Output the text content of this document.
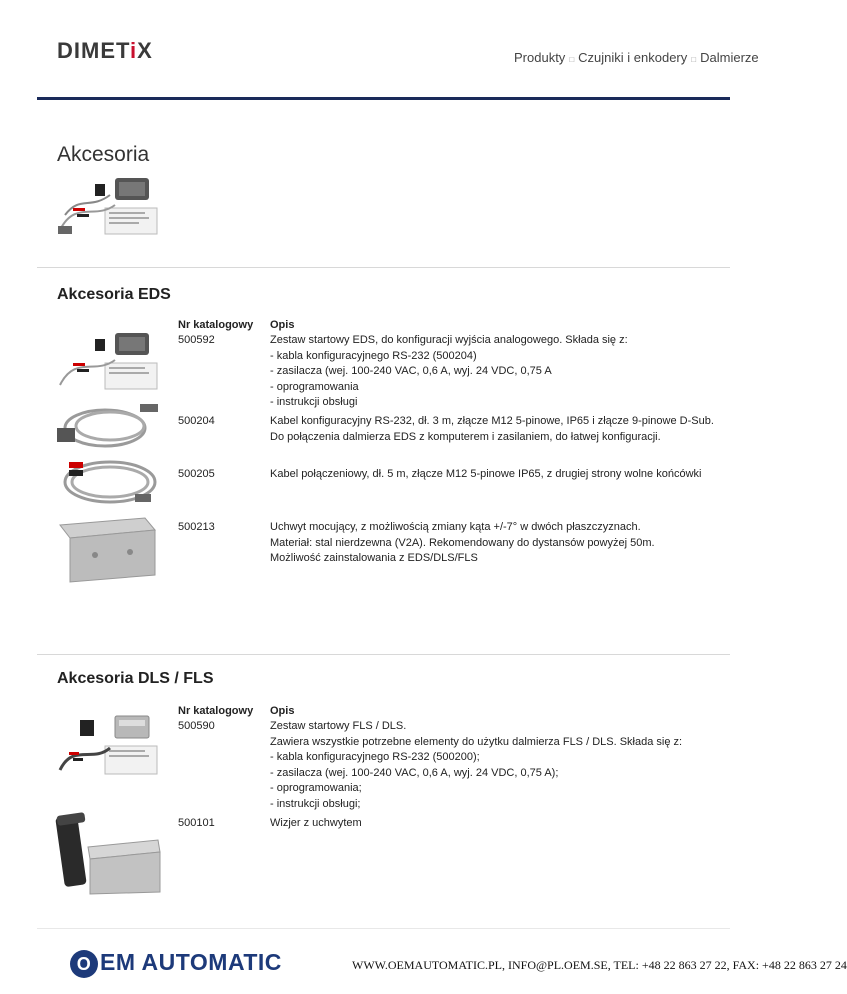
DIMETiX	Produkty □ Czujniki i enkodery □ Dalmierze
Akcesoria
Akcesoria EDS
Nr katalogowy Opis
500592	Zestaw startowy EDS, do konfiguracji wyjścia analogowego. Składa się z:
- kabla konfiguracyjnego RS-232 (500204)
- zasilacza (wej. 100-240 VAC, 0,6 A, wyj. 24 VDC, 0,75 A
- oprogramowania
- instrukcji obsługi
500204	Kabel konfiguracyjny RS-232, dł. 3 m, złącze M12 5-pinowe, IP65 i złącze 9-pinowe D-Sub.
Do połączenia dalmierza EDS z komputerem i zasilaniem, do łatwej konfiguracji.
500205	Kabel połączeniowy, dł. 5 m, złącze M12 5-pinowe IP65, z drugiej strony wolne końcówki
500213	Uchwyt mocujący, z możliwością zmiany kąta +/-7° w dwóch płaszczyznach.
Materiał: stal nierdzewna (V2A). Rekomendowany do dystansów powyżej 50m.
Możliwość zainstalowania z EDS/DLS/FLS
Akcesoria DLS / FLS
Nr katalogowy Opis
500590	Zestaw startowy FLS / DLS.
Zawiera wszystkie potrzebne elementy do użytku dalmierza FLS / DLS. Składa się z:
- kabla konfiguracyjnego RS-232 (500200);
- zasilacza (wej. 100-240 VAC, 0,6 A, wyj. 24 VDC, 0,75 A);
- oprogramowania;
- instrukcji obsługi;
500101	Wizjer z uchwytem
O EM AUTOMATIC	WWW.OEMAUTOMATIC.PL, INFO@PL.OEM.SE, TEL: +48 22 863 27 22, FAX: +48 22 863 27 24
